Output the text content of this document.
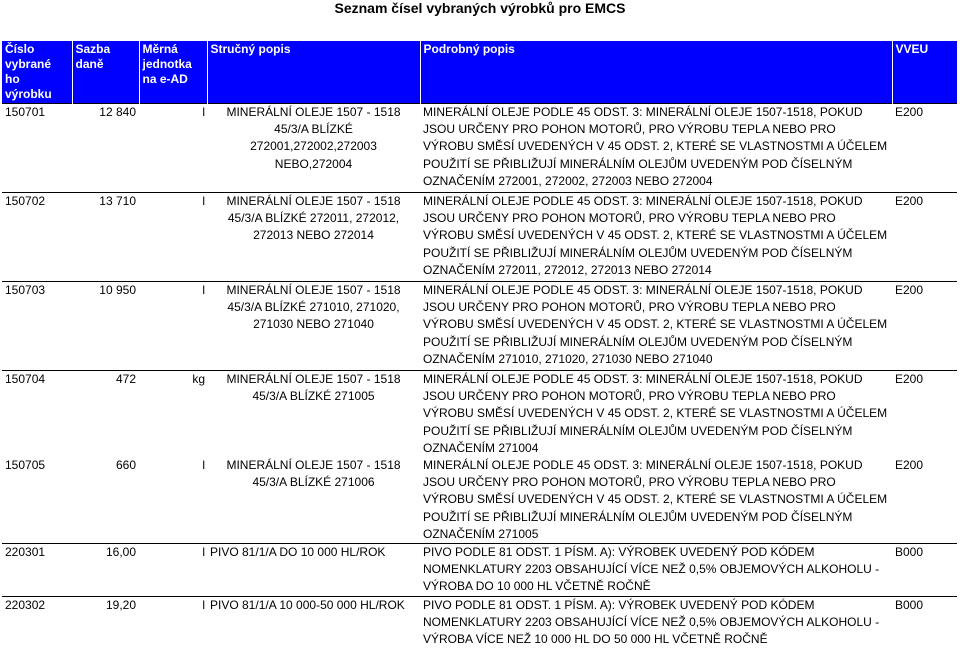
Seznam čísel vybraných výrobků pro EMCS
Číslo vybrané ho výrobku	Sazba daně	Měrná jednotka na e-AD	Stručný popis	Podrobný popis	VVEU
150701	12 840	l	MINERÁLNÍ OLEJE 1507 - 1518 45/3/A BLÍZKÉ 272001,272002,272003 NEBO,272004	MINERÁLNÍ OLEJE PODLE 45 ODST. 3: MINERÁLNÍ OLEJE 1507-1518, POKUD JSOU URČENY PRO POHON MOTORŮ, PRO VÝROBU TEPLA NEBO PRO VÝROBU SMĚSÍ UVEDENÝCH V 45 ODST. 2, KTERÉ SE VLASTNOSTMI A ÚČELEM POUŽITÍ SE PŘIBLIŽUJÍ MINERÁLNÍM OLEJŮM UVEDENÝM POD ČÍSELNÝM OZNAČENÍM 272001, 272002, 272003 NEBO 272004	E200
150702	13 710	l	MINERÁLNÍ OLEJE 1507 - 1518 45/3/A BLÍZKÉ 272011, 272012, 272013 NEBO 272014	MINERÁLNÍ OLEJE PODLE 45 ODST. 3: MINERÁLNÍ OLEJE 1507-1518, POKUD JSOU URČENY PRO POHON MOTORŮ, PRO VÝROBU TEPLA NEBO PRO VÝROBU SMĚSÍ UVEDENÝCH V 45 ODST. 2, KTERÉ SE VLASTNOSTMI A ÚČELEM POUŽITÍ SE PŘIBLIŽUJÍ MINERÁLNÍM OLEJŮM UVEDENÝM POD ČÍSELNÝM OZNAČENÍM 272011, 272012, 272013 NEBO 272014	E200
150703	10 950	l	MINERÁLNÍ OLEJE 1507 - 1518 45/3/A BLÍZKÉ 271010, 271020, 271030 NEBO 271040	MINERÁLNÍ OLEJE PODLE 45 ODST. 3: MINERÁLNÍ OLEJE 1507-1518, POKUD JSOU URČENY PRO POHON MOTORŮ, PRO VÝROBU TEPLA NEBO PRO VÝROBU SMĚSÍ UVEDENÝCH V 45 ODST. 2, KTERÉ SE VLASTNOSTMI A ÚČELEM POUŽITÍ SE PŘIBLIŽUJÍ MINERÁLNÍM OLEJŮM UVEDENÝM POD ČÍSELNÝM OZNAČENÍM 271010, 271020, 271030 NEBO 271040	E200
150704	472	kg	MINERÁLNÍ OLEJE 1507 - 1518 45/3/A BLÍZKÉ 271005	MINERÁLNÍ OLEJE PODLE 45 ODST. 3: MINERÁLNÍ OLEJE 1507-1518, POKUD JSOU URČENY PRO POHON MOTORŮ, PRO VÝROBU TEPLA NEBO PRO VÝROBU SMĚSÍ UVEDENÝCH V 45 ODST. 2, KTERÉ SE VLASTNOSTMI A ÚČELEM POUŽITÍ SE PŘIBLIŽUJÍ MINERÁLNÍM OLEJŮM UVEDENÝM POD ČÍSELNÝM OZNAČENÍM 271004	E200
150705	660	l	MINERÁLNÍ OLEJE 1507 - 1518 45/3/A BLÍZKÉ 271006	MINERÁLNÍ OLEJE PODLE 45 ODST. 3: MINERÁLNÍ OLEJE 1507-1518, POKUD JSOU URČENY PRO POHON MOTORŮ, PRO VÝROBU TEPLA NEBO PRO VÝROBU SMĚSÍ UVEDENÝCH V 45 ODST. 2, KTERÉ SE VLASTNOSTMI A ÚČELEM POUŽITÍ SE PŘIBLIŽUJÍ MINERÁLNÍM OLEJŮM UVEDENÝM POD ČÍSELNÝM OZNAČENÍM 271005	E200
220301	16,00	l	PIVO 81/1/A DO 10 000 HL/ROK	PIVO PODLE 81 ODST. 1 PÍSM. A): VÝROBEK UVEDENÝ POD KÓDEM NOMENKLATURY 2203 OBSAHUJÍCÍ VÍCE NEŽ 0,5% OBJEMOVÝCH ALKOHOLU - VÝROBA DO 10 000 HL VČETNĚ ROČNĚ	B000
220302	19,20	l	PIVO 81/1/A 10 000-50 000 HL/ROK	PIVO PODLE 81 ODST. 1 PÍSM. A): VÝROBEK UVEDENÝ POD KÓDEM NOMENKLATURY 2203 OBSAHUJÍCÍ VÍCE NEŽ 0,5% OBJEMOVÝCH ALKOHOLU - VÝROBA VÍCE NEŽ 10 000 HL DO 50 000 HL VČETNĚ ROČNĚ	B000
